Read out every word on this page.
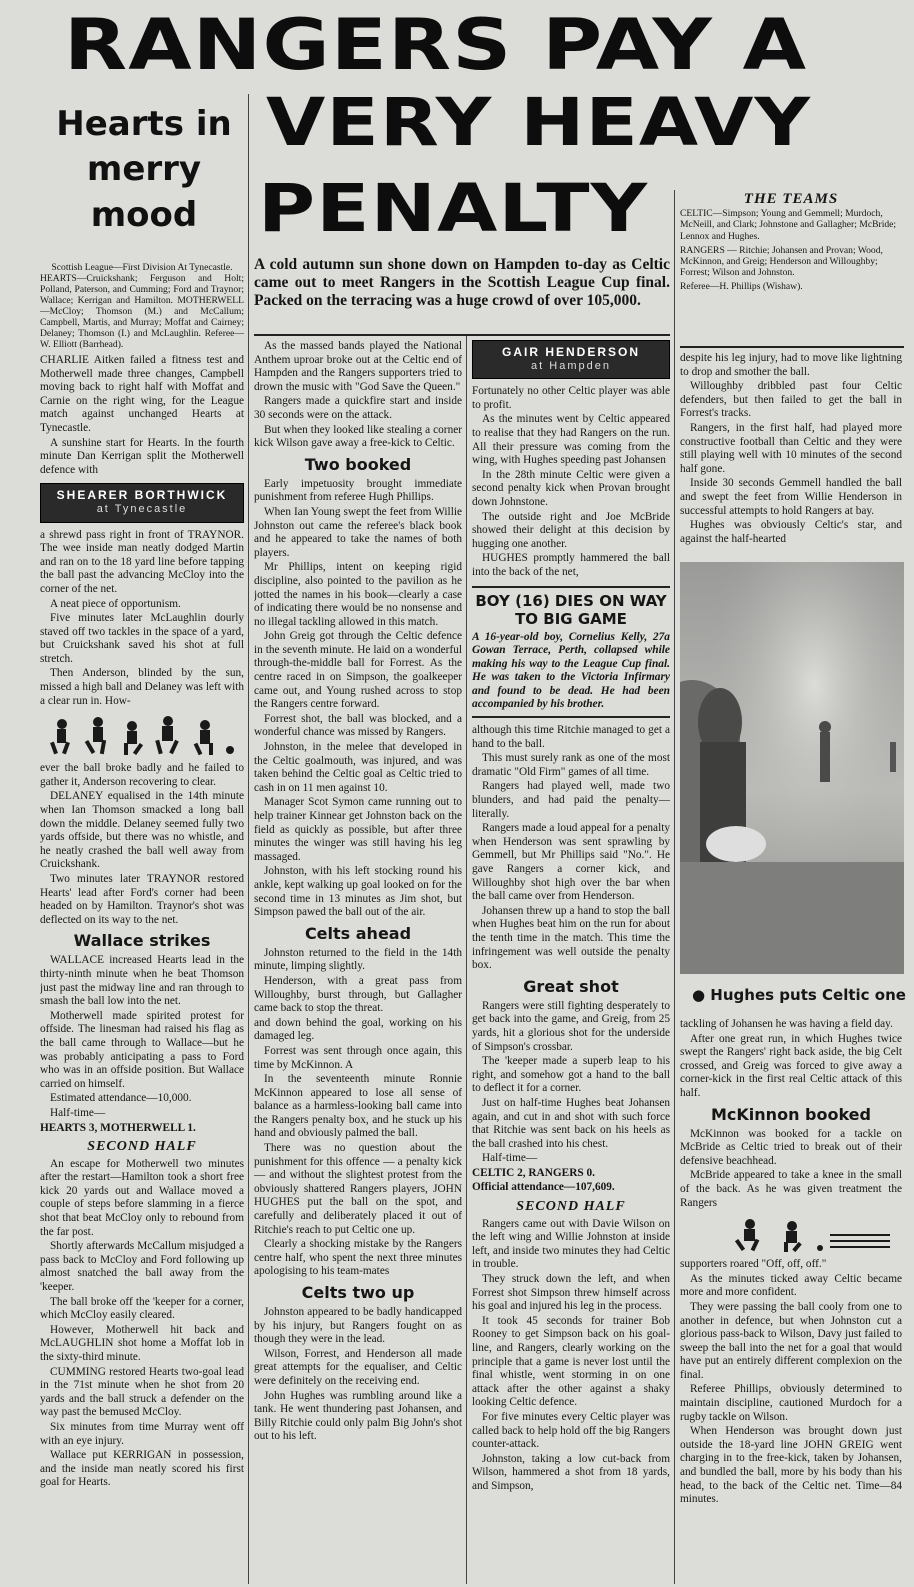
RANGERS PAY A
VERY HEAVY
PENALTY
Hearts in
merry
mood	THE TEAMS
CELTIC—Simpson; Young and Gemmell; Murdoch, McNeill, and Clark; Johnstone and Gallagher; McBride; Lennox and Hughes.
RANGERS — Ritchie; Johansen and Provan; Wood, McKinnon, and Greig; Henderson and Willoughby; Forrest; Wilson and Johnston.
Referee—H. Phillips (Wishaw).
A cold autumn sun shone down on Hampden to-day as Celtic came out to meet Rangers in the Scottish League Cup final. Packed on the terracing was a huge crowd of over 105,000.
Scottish League—First Division At Tynecastle.
HEARTS—Cruickshank; Ferguson and Holt; Polland, Paterson, and Cumming; Ford and Traynor; Wallace; Kerrigan and Hamilton. MOTHERWELL—McCloy; Thomson (M.) and McCallum; Campbell, Martis, and Murray; Moffat and Cairney; Delaney; Thomson (I.) and McLaughlin. Referee—W. Elliott (Barrhead).

CHARLIE Aitken failed a fitness test and Motherwell made three changes, Campbell moving back to right half with Moffat and Carnie on the right wing, for the League match against unchanged Hearts at Tynecastle.

A sunshine start for Hearts. In the fourth minute Dan Kerrigan split the Motherwell defence with

SHEARER BORTHWICK
at Tynecastle

a shrewd pass right in front of TRAYNOR. The wee inside man neatly dodged Martin and ran on to the 18 yard line before tapping the ball past the advancing McCloy into the corner of the net.

A neat piece of opportunism.

Five minutes later McLaughlin dourly staved off two tackles in the space of a yard, but Cruickshank saved his shot at full stretch.

Then Anderson, blinded by the sun, missed a high ball and Delaney was left with a clear run in. How-

ever the ball broke badly and he failed to gather it, Anderson recovering to clear.

DELANEY equalised in the 14th minute when Ian Thomson smacked a long ball down the middle. Delaney seemed fully two yards offside, but there was no whistle, and he neatly crashed the ball well away from Cruickshank.

Two minutes later TRAYNOR restored Hearts' lead after Ford's corner had been headed on by Hamilton. Traynor's shot was deflected on its way to the net.

Wallace strikes

WALLACE increased Hearts lead in the thirty-ninth minute when he beat Thomson just past the midway line and ran through to smash the ball low into the net.

Motherwell made spirited protest for offside. The linesman had raised his flag as the ball came through to Wallace—but he was probably anticipating a pass to Ford who was in an offside position. But Wallace carried on himself.

Estimated attendance—10,000.

Half-time—

HEARTS 3, MOTHERWELL 1.

SECOND HALF

An escape for Motherwell two minutes after the restart—Hamilton took a short free kick 20 yards out and Wallace moved a couple of steps before slamming in a fierce shot that beat McCloy only to rebound from the far post.

Shortly afterwards McCallum misjudged a pass back to McCloy and Ford following up almost snatched the ball away from the 'keeper.

The ball broke off the 'keeper for a corner, which McCloy easily cleared.

However, Motherwell hit back and McLAUGHLIN shot home a Moffat lob in the sixty-third minute.

CUMMING restored Hearts two-goal lead in the 71st minute when he shot from 20 yards and the ball struck a defender on the way past the bemused McCloy.

Six minutes from time Murray went off with an eye injury.

Wallace put KERRIGAN in possession, and the inside man neatly scored his first goal for Hearts.

As the massed bands played the National Anthem uproar broke out at the Celtic end of Hampden and the Rangers supporters tried to drown the music with "God Save the Queen."

Rangers made a quickfire start and inside 30 seconds were on the attack.

But when they looked like stealing a corner kick Wilson gave away a free-kick to Celtic.

Two booked

Early impetuosity brought immediate punishment from referee Hugh Phillips.

When Ian Young swept the feet from Willie Johnston out came the referee's black book and he appeared to take the names of both players.

Mr Phillips, intent on keeping rigid discipline, also pointed to the pavilion as he jotted the names in his book—clearly a case of indicating there would be no nonsense and no illegal tackling allowed in this match.

John Greig got through the Celtic defence in the seventh minute. He laid on a wonderful through-the-middle ball for Forrest. As the centre raced in on Simpson, the goalkeeper came out, and Young rushed across to stop the Rangers centre forward.

Forrest shot, the ball was blocked, and a wonderful chance was missed by Rangers.

Johnston, in the melee that developed in the Celtic goalmouth, was injured, and was taken behind the Celtic goal as Celtic tried to cash in on 11 men against 10.

Manager Scot Symon came running out to help trainer Kinnear get Johnston back on the field as quickly as possible, but after three minutes the winger was still having his leg massaged.

Johnston, with his left stocking round his ankle, kept walking up goal looked on for the second time in 13 minutes as Jim shot, but Simpson pawed the ball out of the air.

Celts ahead

Johnston returned to the field in the 14th minute, limping slightly.

Henderson, with a great pass from Willoughby, burst through, but Gallagher came back to stop the threat.

and down behind the goal, working on his damaged leg.

Forrest was sent through once again, this time by McKinnon. A

In the seventeenth minute Ronnie McKinnon appeared to lose all sense of balance as a harmless-looking ball came into the Rangers penalty box, and he stuck up his hand and obviously palmed the ball.

There was no question about the punishment for this offence — a penalty kick — and without the slightest protest from the obviously shattered Rangers players, JOHN HUGHES put the ball on the spot, and carefully and deliberately placed it out of Ritchie's reach to put Celtic one up.

Clearly a shocking mistake by the Rangers centre half, who spent the next three minutes apologising to his team-mates

Celts two up

Johnston appeared to be badly handicapped by his injury, but Rangers fought on as though they were in the lead.

Wilson, Forrest, and Henderson all made great attempts for the equaliser, and Celtic were definitely on the receiving end.

John Hughes was rumbling around like a tank. He went thundering past Johansen, and Billy Ritchie could only palm Big John's shot out to his left.

GAIR HENDERSON
at Hampden

Fortunately no other Celtic player was able to profit.

As the minutes went by Celtic appeared to realise that they had Rangers on the run. All their pressure was coming from the wing, with Hughes speeding past Johansen

In the 28th minute Celtic were given a second penalty kick when Provan brought down Johnstone.

The outside right and Joe McBride showed their delight at this decision by hugging one another.

HUGHES promptly hammered the ball into the back of the net,

BOY (16) DIES ON WAY TO BIG GAME
A 16-year-old boy, Cornelius Kelly, 27a Gowan Terrace, Perth, collapsed while making his way to the League Cup final. He was taken to the Victoria Infirmary and found to be dead. He had been accompanied by his brother.

although this time Ritchie managed to get a hand to the ball.

This must surely rank as one of the most dramatic "Old Firm" games of all time.

Rangers had played well, made two blunders, and had paid the penalty—literally.

Rangers made a loud appeal for a penalty when Henderson was sent sprawling by Gemmell, but Mr Phillips said "No.". He gave Rangers a corner kick, and Willoughby shot high over the bar when the ball came over from Henderson.

Johansen threw up a hand to stop the ball when Hughes beat him on the run for about the tenth time in the match. This time the infringement was well outside the penalty box.

Great shot

Rangers were still fighting desperately to get back into the game, and Greig, from 25 yards, hit a glorious shot for the underside of Simpson's crossbar.

The 'keeper made a superb leap to his right, and somehow got a hand to the ball to deflect it for a corner.

Just on half-time Hughes beat Johansen again, and cut in and shot with such force that Ritchie was sent back on his heels as the ball crashed into his chest.

Half-time—

CELTIC 2, RANGERS 0.

Official attendance—107,609.

SECOND HALF

Rangers came out with Davie Wilson on the left wing and Willie Johnston at inside left, and inside two minutes they had Celtic in trouble.

They struck down the left, and when Forrest shot Simpson threw himself across his goal and injured his leg in the process.

It took 45 seconds for trainer Bob Rooney to get Simpson back on his goal-line, and Rangers, clearly working on the principle that a game is never lost until the final whistle, went storming in on one attack after the other against a shaky looking Celtic defence.

For five minutes every Celtic player was called back to help hold off the big Rangers counter-attack.

Johnston, taking a low cut-back from Wilson, hammered a shot from 18 yards, and Simpson,

despite his leg injury, had to move like lightning to drop and smother the ball.

Willoughby dribbled past four Celtic defenders, but then failed to get the ball in Forrest's tracks.

Rangers, in the first half, had played more constructive football than Celtic and they were still playing well with 10 minutes of the second half gone.

Inside 30 seconds Gemmell handled the ball and swept the feet from Willie Henderson in successful attempts to hold Rangers at bay.

Hughes was obviously Celtic's star, and against the half-hearted

● Hughes puts Celtic one

tackling of Johansen he was having a field day.

After one great run, in which Hughes twice swept the Rangers' right back aside, the big Celt crossed, and Greig was forced to give away a corner-kick in the first real Celtic attack of this half.

McKinnon booked

McKinnon was booked for a tackle on McBride as Celtic tried to break out of their defensive beachhead.

McBride appeared to take a knee in the small of the back. As he was given treatment the Rangers

supporters roared "Off, off, off."

As the minutes ticked away Celtic became more and more confident.

They were passing the ball cooly from one to another in defence, but when Johnston cut a glorious pass-back to Wilson, Davy just failed to sweep the ball into the net for a goal that would have put an entirely different complexion on the final.

Referee Phillips, obviously determined to maintain discipline, cautioned Murdoch for a rugby tackle on Wilson.

When Henderson was brought down just outside the 18-yard line JOHN GREIG went charging in to the free-kick, taken by Johansen, and bundled the ball, more by his body than his head, to the back of the Celtic net. Time—84 minutes.
